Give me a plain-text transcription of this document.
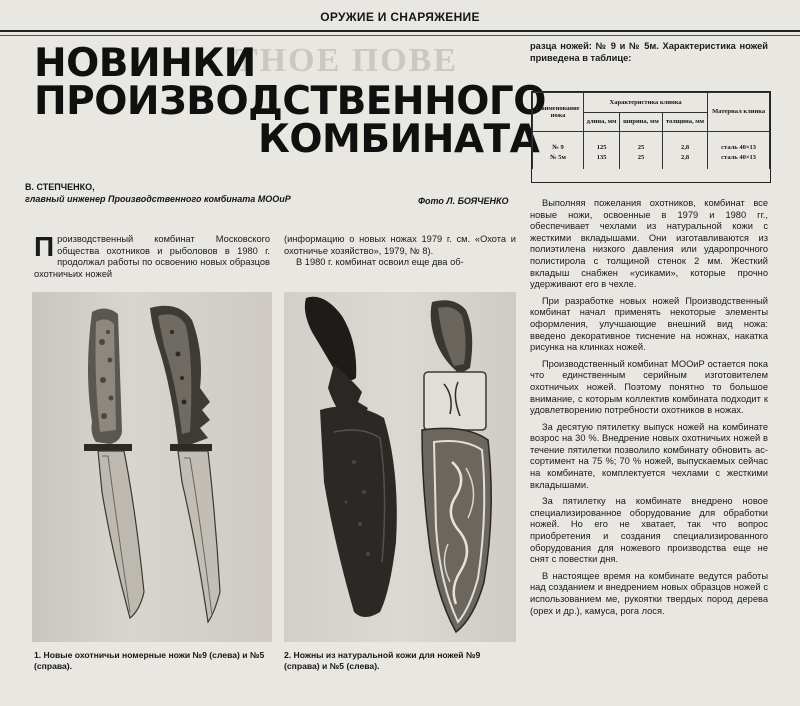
ОРУЖИЕ И СНАРЯЖЕНИЕ
ТНОЕ ПОВЕ
НОВИНКИ
ПРОИЗВОДСТВЕННОГО
КОМБИНАТА
В. СТЕПЧЕНКО,
главный инженер Производственного комбината МООиР	Фото Л. БОЯЧЕНКО
Производственный комбинат Московского общества охотников и рыболовов в 1980 г. продолжал работы по освоению новых образцов охотничьих ножей

(информацию о новых ножах 1979 г. см. «Охота и охотничье хозяйство», 1979, № 8).

В 1980 г. комбинат освоил еще два об-

разца ножей: № 9 и № 5м. Характеристика ножей приведена в таблице:
Наименование ножа	Характеристика клинка			Материал клинка
	длина, мм	ширина, мм	толщина, мм	
№ 9	125	25	2,8	сталь 40×13
№ 5м	135	25	2,8	сталь 40×13

Выполняя пожелания охотников, комбинат все новые ножи, освоенные в 1979 и 1980 гг., обеспечивает чехлами из натуральной кожи с жесткими вкладышами. Они изготавливаются из полиэтилена низкого давления или ударопрочного полистирола с толщиной стенок 2 мм. Жесткий вкладыш снабжен «усиками», которые прочно удерживают его в чехле.

При разработке новых ножей Производственный комбинат начал применять некоторые элементы оформления, улучшающие внешний вид ножа: введено декоративное тиснение на ножнах, накатка рисунка на клинках ножей.

Производственный комбинат МООиР остается пока что единственным серийным изготовителем охотничьих ножей. Поэтому понятно то большое внимание, с которым коллектив комбината подходит к удовлетворению потребности охотников в ножах.

За десятую пятилетку выпуск ножей на комбинате возрос на 30 %. Внедрение новых охотничьих ножей в течение пятилетки позволило комбинату обновить ассортимент на 75 %; 70 % ножей, выпускаемых сейчас на комбинате, комплектуется чехлами с жесткими вкладышами.

За пятилетку на комбинате внедрено новое специализированное оборудование для обработки ножей. Но его не хватает, так что вопрос приобретения и создания специализированного оборудования для ножевого производства еще не снят с повестки дня.

В настоящее время на комбинате ведутся работы над созданием и внедрением новых образцов ножей с использованием ме, рукоятки твердых пород дерева (орех и др.), камуса, рога лося.

1. Новые охотничьи номерные ножи №9 (слева) и №5 (справа).
2. Ножны из натуральной кожи для ножей №9 (справа) и №5 (слева).
